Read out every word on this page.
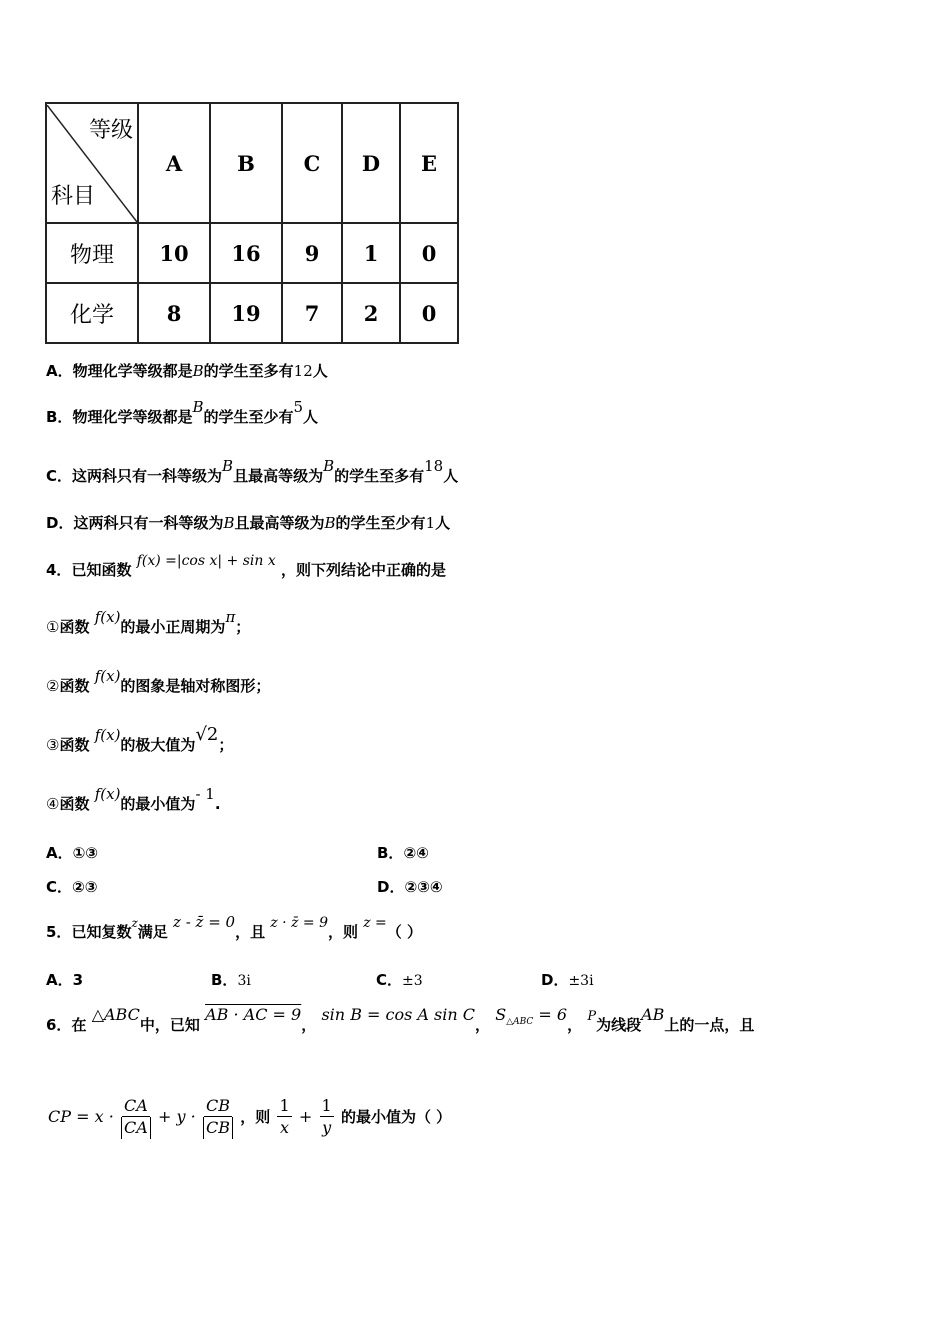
等级
科目	A	B	C	D	E
物理	10	16	9	1	0
化学	8	19	7	2	0
A．物理化学等级都是B的学生至多有12人
B．物理化学等级都是B的学生至少有5人
C．这两科只有一科等级为B且最高等级为B的学生至多有18人
D．这两科只有一科等级为B且最高等级为B的学生至少有1人
4．已知函数 f(x) =|cos x| + sin x ，则下列结论中正确的是
①函数 f(x)的最小正周期为π；
②函数 f(x)的图象是轴对称图形；
③函数 f(x)的极大值为√2；
④函数 f(x)的最小值为- 1.
A．①③	B．②④
C．②③	D．②③④
5．已知复数$^z$满足 z - z̄ = 0，且 z · z̄ = 9，则 z =（ ）
A．3	B．3i	C．±3	D．±3i
6．在 △ABC中，已知 AB · AC = 9， sin B = cos A sin C， $S_{\triangle ABC} = 6$， P为线段AB上的一点，且
CP = $x \cdot \frac{CA}{CA} + y \cdot \frac{CB}{CB}$ ，则 $\frac{1}{x} + \frac{1}{y}$ 的最小值为（ ）
